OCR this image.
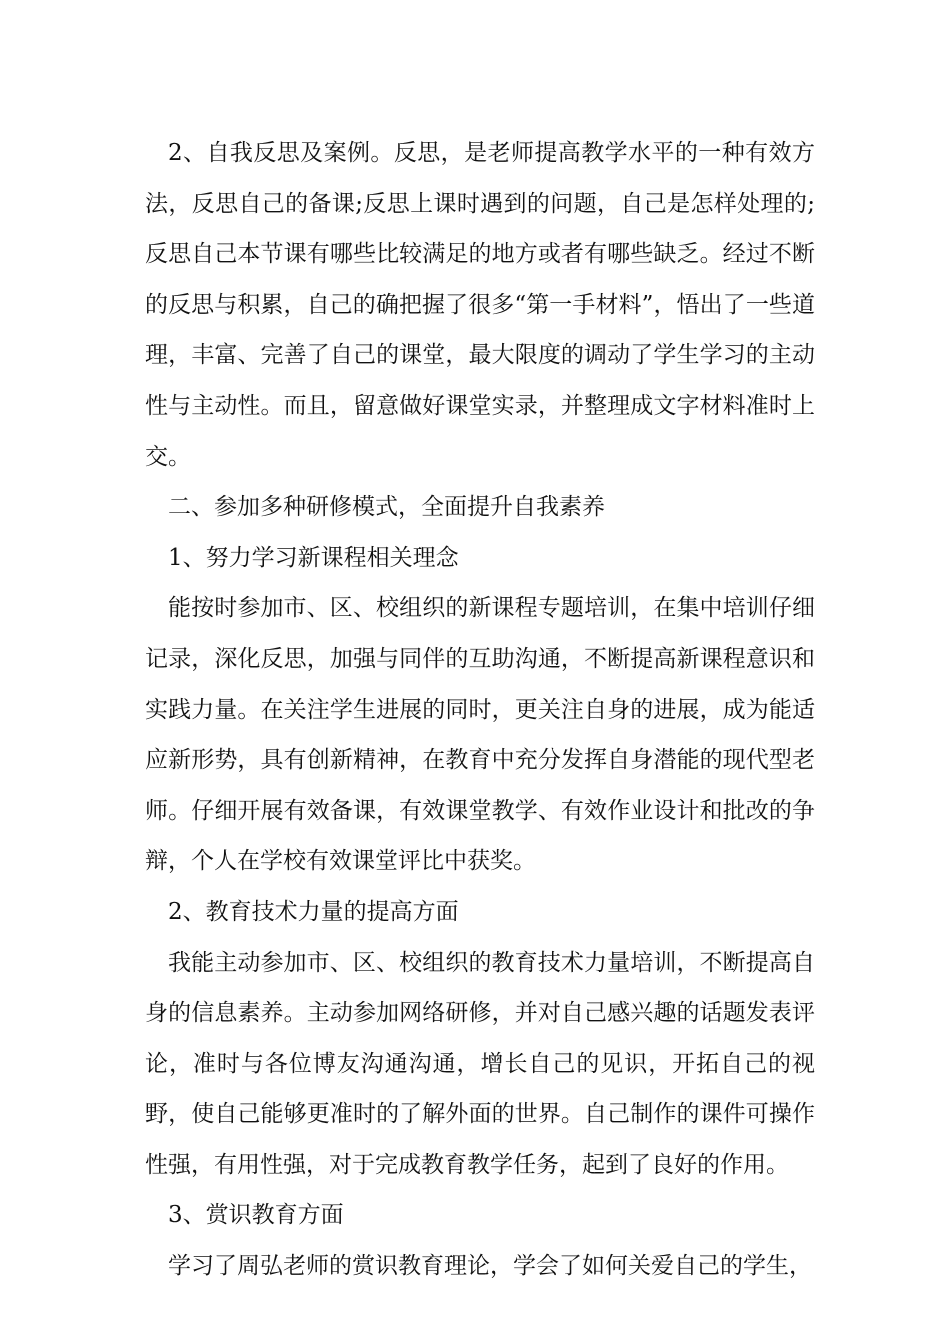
2、自我反思及案例。反思，是老师提高教学水平的一种有效方法，反思自己的备课;反思上课时遇到的问题，自己是怎样处理的;反思自己本节课有哪些比较满足的地方或者有哪些缺乏。经过不断的反思与积累，自己的确把握了很多“第一手材料”，悟出了一些道理，丰富、完善了自己的课堂，最大限度的调动了学生学习的主动性与主动性。而且，留意做好课堂实录，并整理成文字材料准时上交。

二、参加多种研修模式，全面提升自我素养

1、努力学习新课程相关理念

能按时参加市、区、校组织的新课程专题培训，在集中培训仔细记录，深化反思，加强与同伴的互助沟通，不断提高新课程意识和实践力量。在关注学生进展的同时，更关注自身的进展，成为能适应新形势，具有创新精神，在教育中充分发挥自身潜能的现代型老师。仔细开展有效备课，有效课堂教学、有效作业设计和批改的争辩，个人在学校有效课堂评比中获奖。

2、教育技术力量的提高方面

我能主动参加市、区、校组织的教育技术力量培训，不断提高自身的信息素养。主动参加网络研修，并对自己感兴趣的话题发表评论，准时与各位博友沟通沟通，增长自己的见识，开拓自己的视野，使自己能够更准时的了解外面的世界。自己制作的课件可操作性强，有用性强，对于完成教育教学任务，起到了良好的作用。

3、赏识教育方面

学习了周弘老师的赏识教育理论，学会了如何关爱自己的学生，
